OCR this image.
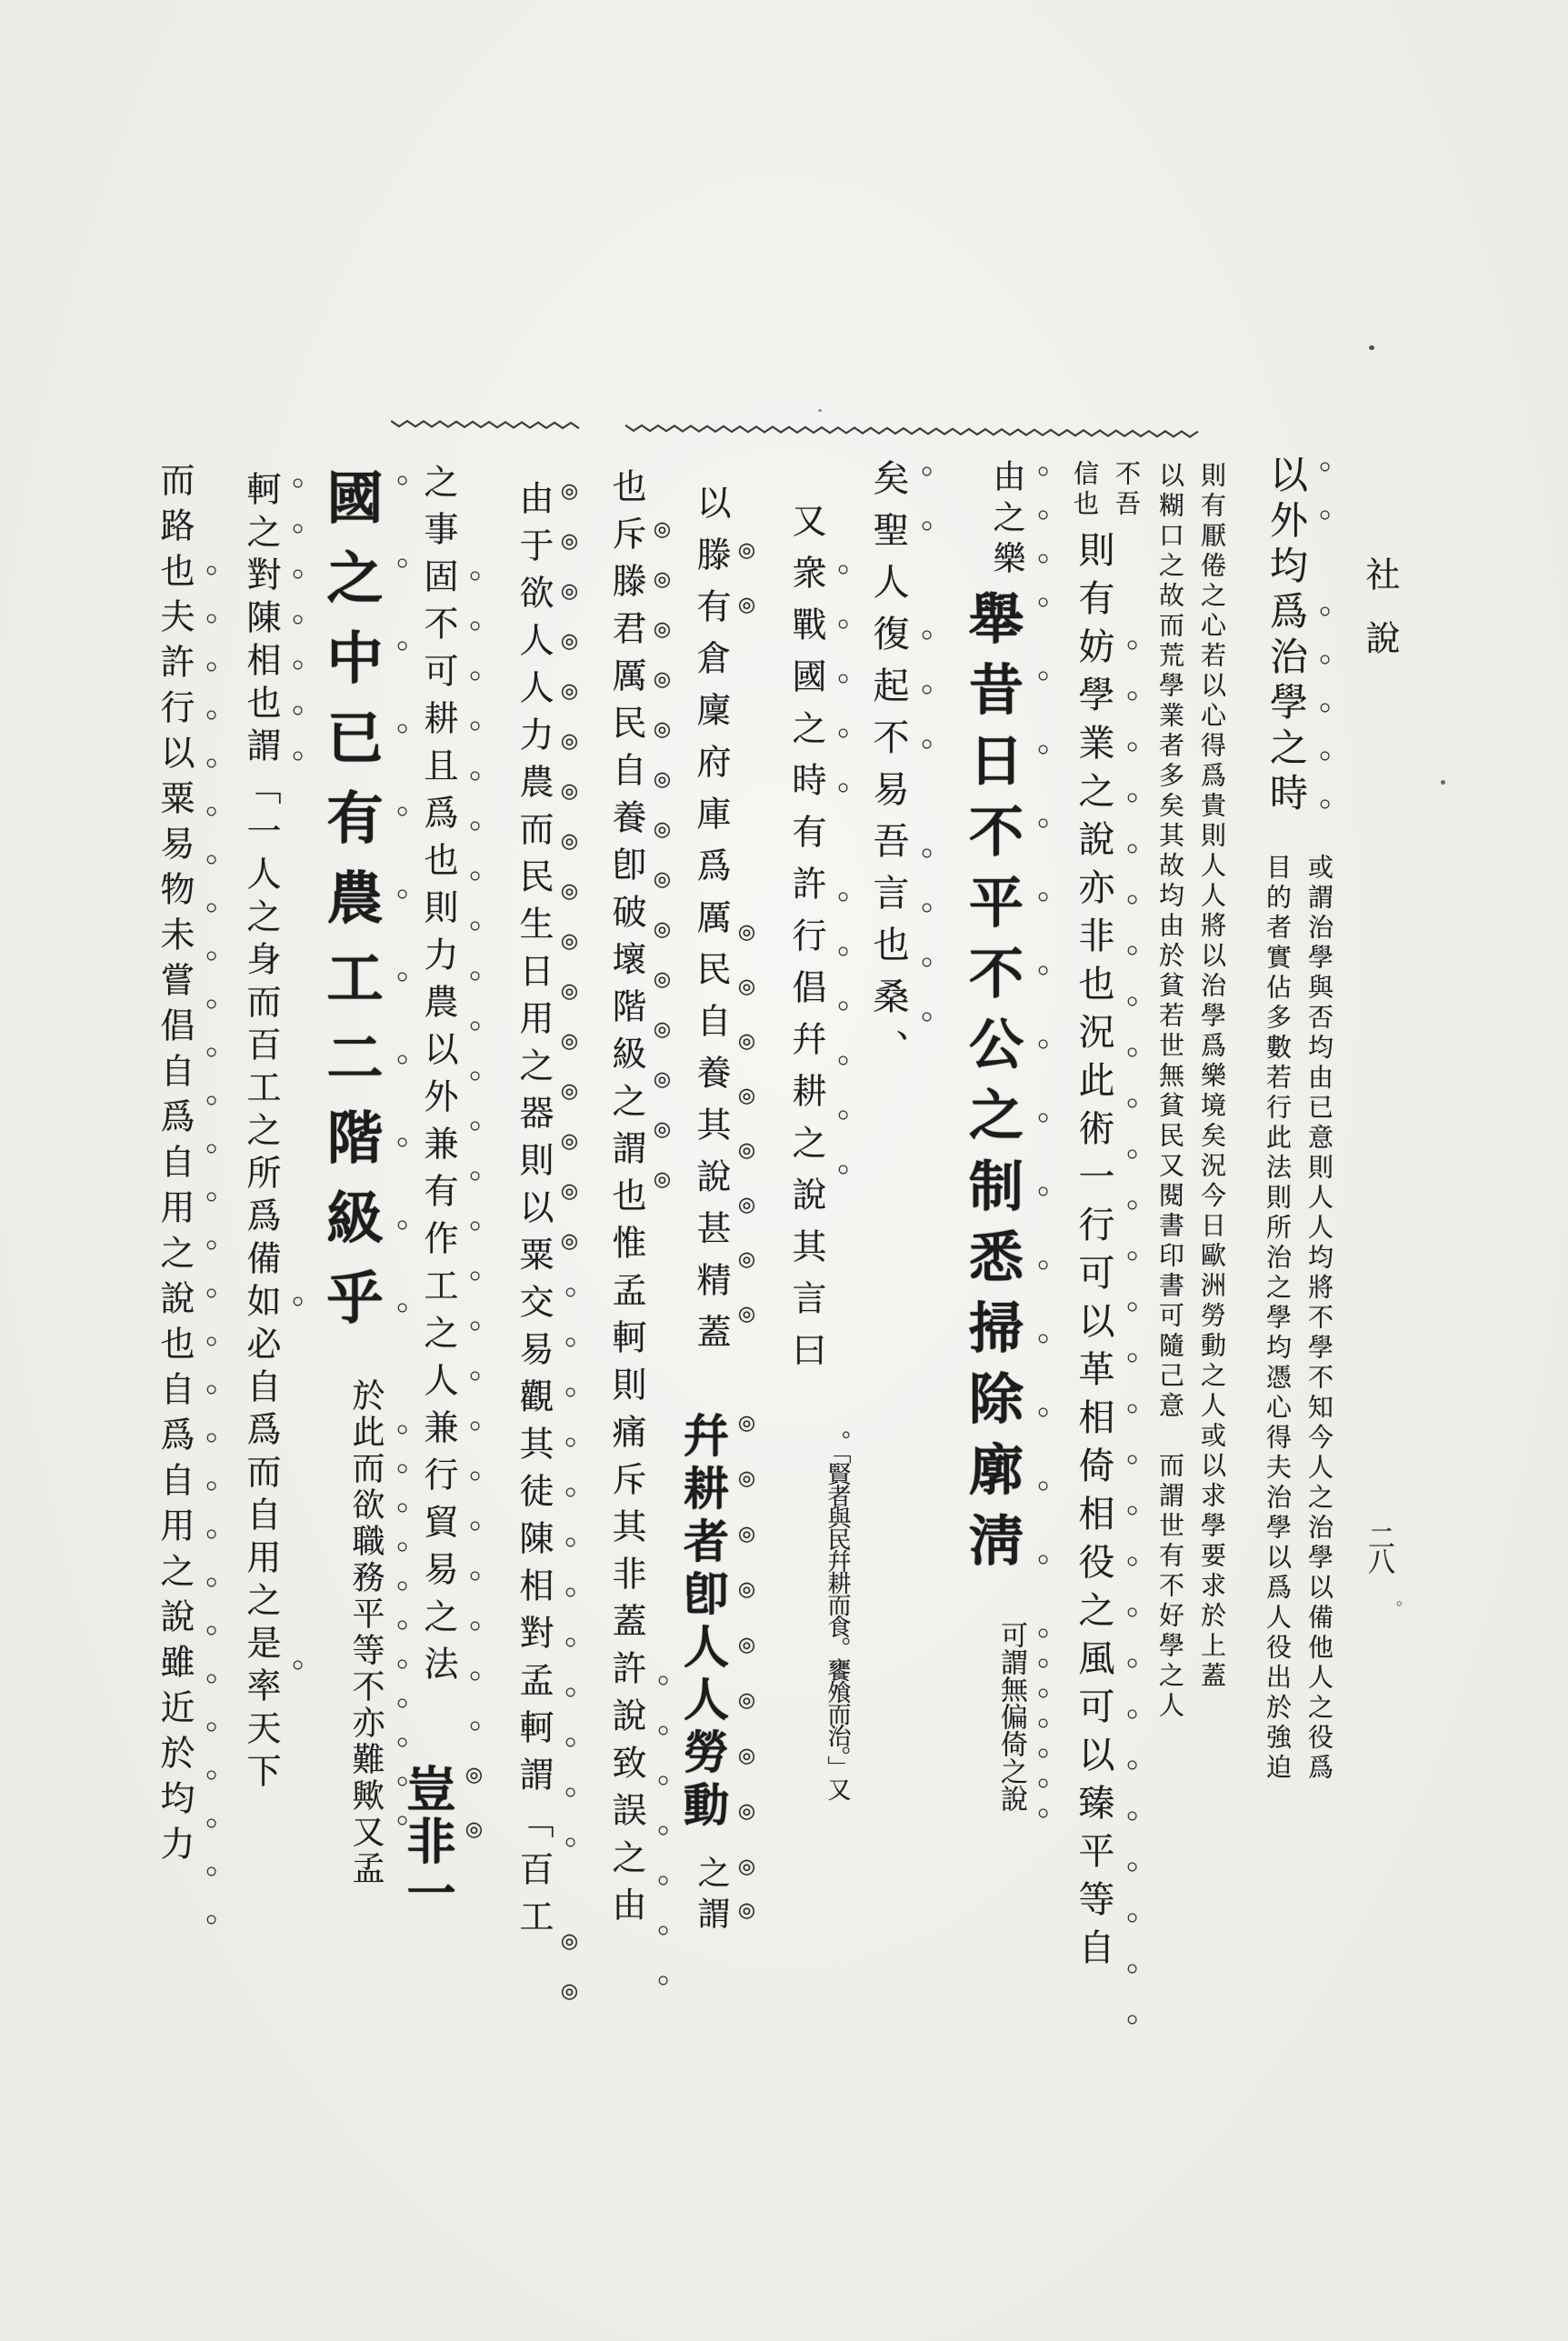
社說
二八
。
○○ ○○○○○
以外均爲治學之時
或謂治學與否均由已意則人人均將不學不知今人之治學以備他人之役爲
目的者實佔多數若行此法則所治之學均憑心得夫治學以爲人役出於強迫
則有厭倦之心若以心得爲貴則人人將以治學爲樂境矣況今日歐洲勞動之人或以求學要求於上蓋
以糊口之故而荒學業者多矣其故均由於貧若世無貧民又閱書印書可隨己意　而謂世有不好學之人
不吾
信也
○○○○○○○○○○○○○○○○○○○○○○○○○○○○
則有妨學業之說亦非也況此術一行可以革相倚相役之風可以臻平等自
○○○
由之樂
○○○○○○○○○○○○○○
舉昔日不平不公之制悉掃除廓淸
○○○○○○○
可謂無偏倚之說
○○ ○○○ ○○○○
矣聖人復起不易吾言也桑、
○○○○○ ○○○○○○
又衆戰國之時有許行倡幷耕之說其言曰
。「賢者與民幷耕而食。饔飧而治。」又
◎◎     ◎◎◎◎◎◎◎◎
以滕有倉廩府庫爲厲民自養其說甚精蓋
◎◎◎◎◎◎◎◎
幷耕者卽人人勞動
◎◎
之謂
◎◎◎◎◎◎◎◎◎◎◎◎◎◎         ○○○○○○○
也斥滕君厲民自養卽破壞階級之謂也惟孟軻則痛斥其非蓋許說致誤之由
◎◎◎◎◎◎◎◎◎◎◎◎◎◎◎◎○○○○○○○○○○○○ ◎◎
由于欲人人力農而民生日用之器則以粟交易觀其徒陳相對孟軻謂「百工
○○○○○○○○○○○○○○○○○○○○○○○○
之事固不可耕且爲也則力農以外兼有作工之人兼行貿易之法
◎◎
豈非一
○○○○○○○○○○○
國之中已有農工二階級乎
○○○○○○○○○○○
於此而欲職務平等不亦難歟又孟
○○○○○○○           ○       ○
軻之對陳相也謂「一人之身而百工之所爲備如必自爲而自用之是率天下
○○○○○○○○○○○○○○○○○○○○○○○○○○○○○
而路也夫許行以粟易物未嘗倡自爲自用之說也自爲自用之說雖近於均力
